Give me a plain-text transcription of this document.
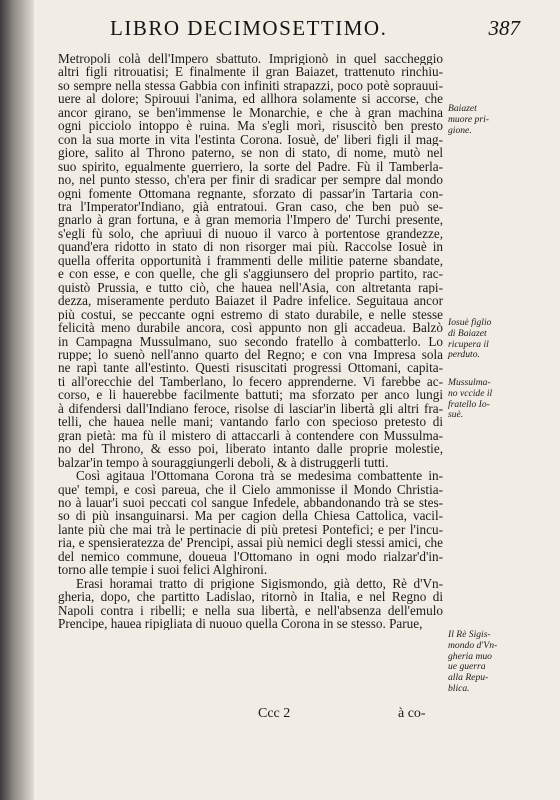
LIBRO DECIMOSETTIMO.	387
Metropoli colà dell'Impero sbattuto. Imprigionò in quel saccheggio
altri figli ritrouatisi; E finalmente il gran Baiazet, trattenuto rinchiu-
so sempre nella stessa Gabbia con infiniti strapazzi, poco potè soprauui-
uere al dolore; Spirouui l'anima, ed allhora solamente si accorse, che
ancor girano, se ben'immense le Monarchie, e che à gran machina
ogni picciolo intoppo è ruina. Ma s'egli morì, risuscitò ben presto
con la sua morte in vita l'estinta Corona. Iosuè, de' liberi figli il mag-
giore, salito al Throno paterno, se non di stato, di nome, mutò nel
suo spirito, egualmente guerriero, la sorte del Padre. Fù il Tamberla-
no, nel punto stesso, ch'era per finir di sradicar per sempre dal mondo
ogni fomente Ottomana regnante, sforzato di passar'in Tartaria con-
tra l'Imperator'Indiano, già entratoui. Gran caso, che ben può se-
gnarlo à gran fortuna, e à gran memoria l'Impero de' Turchi presente,
s'egli fù solo, che aprìuui di nuouo il varco à portentose grandezze,
quand'era ridotto in stato di non risorger mai più. Raccolse Iosuè in
quella offerita opportunità i frammenti delle militie paterne sbandate,
e con esse, e con quelle, che gli s'aggiunsero del proprio partito, rac-
quistò Prussia, e tutto ciò, che hauea nell'Asia, con altretanta rapi-
dezza, miseramente perduto Baiazet il Padre infelice. Seguitaua ancor
più costui, se peccante ogni estremo di stato durabile, e nelle stesse
felicità meno durabile ancora, così appunto non gli accadeua. Balzò
in Campagna Mussulmano, suo secondo fratello à combatterlo. Lo
ruppe; lo suenò nell'anno quarto del Regno; e con vna Impresa sola
ne rapì tante all'estinto. Questi risuscitati progressi Ottomani, capita-
ti all'orecchie del Tamberlano, lo fecero apprenderne. Vi farebbe ac-
corso, e li hauerebbe facilmente battuti; ma sforzato per anco lungi
à difendersi dall'Indiano feroce, risolse di lasciar'in libertà gli altri fra-
telli, che hauea nelle mani; vantando farlo con specioso pretesto di
gran pietà: ma fù il mistero di attaccarli à contendere con Mussulma-
no del Throno, & esso poi, liberato intanto dalle proprie molestie,
balzar'in tempo à souraggiungerli deboli, & à distruggerli tutti.
Così agitaua l'Ottomana Corona trà se medesima combattente in-
que' tempi, e così pareua, che il Cielo ammonisse il Mondo Christia-
no à lauar'i suoi peccati col sangue Infedele, abbandonando trà se stes-
so di più insanguinarsi. Ma per cagion della Chiesa Cattolica, vacil-
lante più che mai trà le pertinacie di più pretesi Pontefici; e per l'incu-
ria, e spensieratezza de' Prencipi, assai più nemici degli stessi amici, che
del nemico commune, doueua l'Ottomano in ogni modo rialzar'd'in-
torno alle tempie i suoi felici Alghironi.
Erasi horamai tratto di prigione Sigismondo, già detto, Rè d'Vn-
gheria, dopo, che partitto Ladislao, ritornò in Italia, e nel Regno di
Napoli contra i ribelli; e nella sua libertà, e nell'absenza dell'emulo
Prencipe, hauea ripigliata di nuouo quella Corona in se stesso. Parue,
Baiazet
muore pri-
gione.
Iosuè figlio
di Baiazet
ricupera il
perduto.
Mussulma-
no vccide il
fratello Io-
suè.
Il Rè Sigis-
mondo d'Vn-
gheria muo
ue guerra
alla Repu-
blica.
Ccc 2	à co-
